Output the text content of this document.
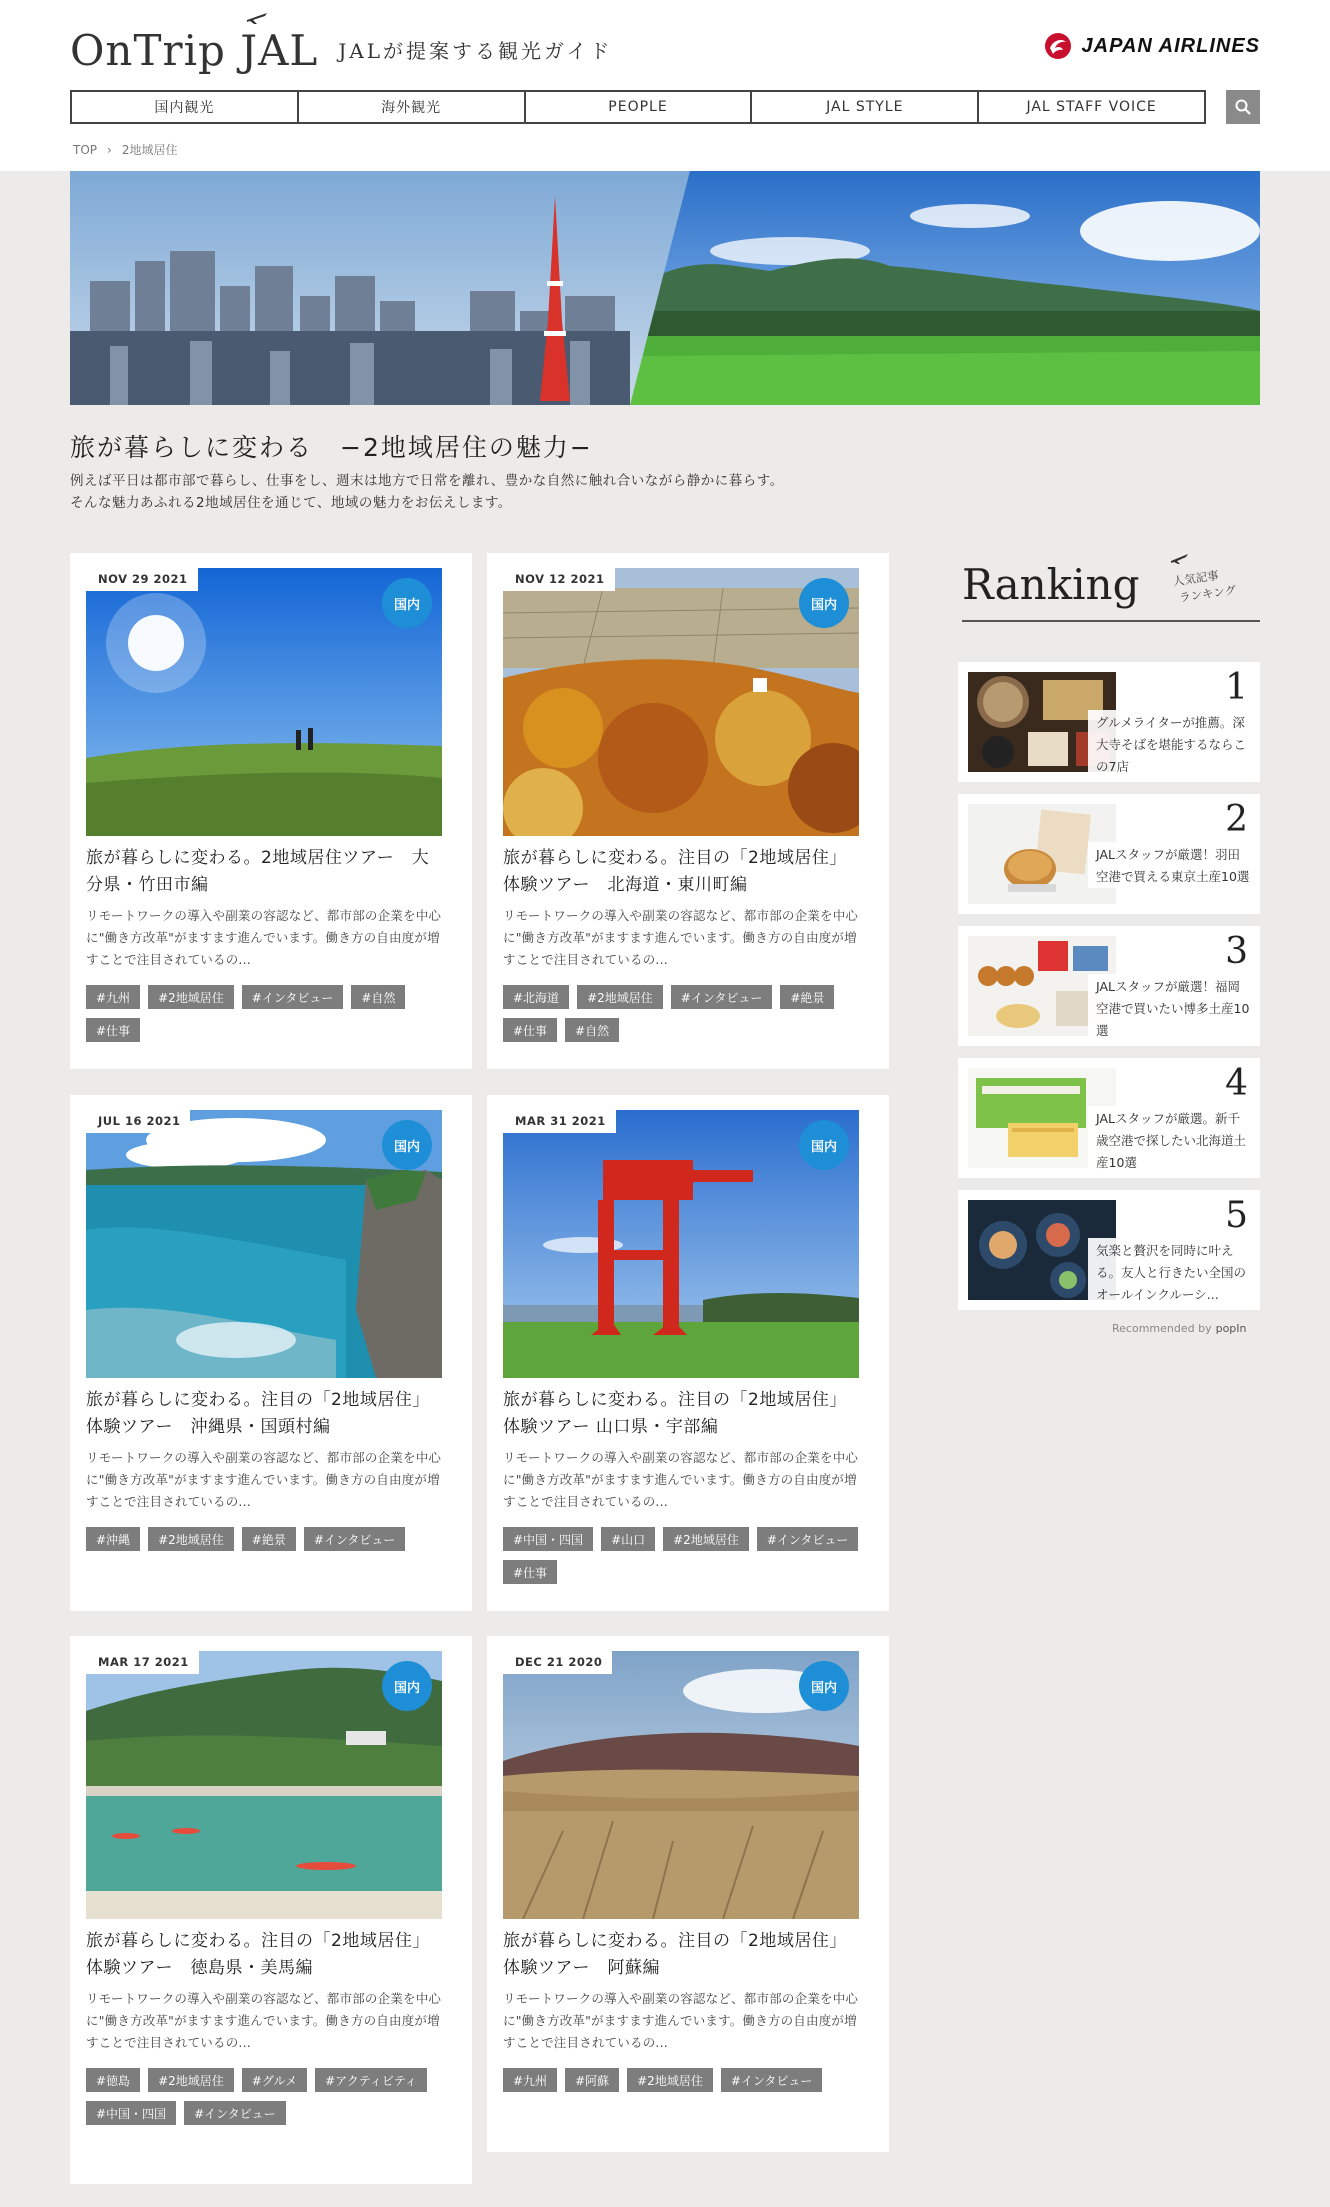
OnTrip JAL JALが提案する観光ガイド	JAPAN AIRLINES
国内観光	海外観光	PEOPLE	JAL STYLE	JAL STAFF VOICE
TOP › 2地域居住
旅が暮らしに変わる　−2地域居住の魅力−
例えば平日は都市部で暮らし、仕事をし、週末は地方で日常を離れ、豊かな自然に触れ合いながら静かに暮らす。
そんな魅力あふれる2地域居住を通じて、地域の魅力をお伝えします。
NOV 29 2021
国内
旅が暮らしに変わる。2地域居住ツアー　大分県・竹田市編
リモートワークの導入や副業の容認など、都市部の企業を中心に"働き方改革"がますます進んでいます。働き方の自由度が増すことで注目されているの...
#九州	#2地域居住	#インタビュー	#自然
#仕事
NOV 12 2021
国内
旅が暮らしに変わる。注目の「2地域居住」体験ツアー　北海道・東川町編
リモートワークの導入や副業の容認など、都市部の企業を中心に"働き方改革"がますます進んでいます。働き方の自由度が増すことで注目されているの...
#北海道	#2地域居住	#インタビュー	#絶景
#仕事	#自然
JUL 16 2021
国内
旅が暮らしに変わる。注目の「2地域居住」体験ツアー　沖縄県・国頭村編
リモートワークの導入や副業の容認など、都市部の企業を中心に"働き方改革"がますます進んでいます。働き方の自由度が増すことで注目されているの...
#沖縄	#2地域居住	#絶景	#インタビュー
MAR 31 2021
国内
旅が暮らしに変わる。注目の「2地域居住」体験ツアー 山口県・宇部編
リモートワークの導入や副業の容認など、都市部の企業を中心に"働き方改革"がますます進んでいます。働き方の自由度が増すことで注目されているの...
#中国・四国	#山口	#2地域居住	#インタビュー
#仕事
MAR 17 2021
国内
旅が暮らしに変わる。注目の「2地域居住」体験ツアー　徳島県・美馬編
リモートワークの導入や副業の容認など、都市部の企業を中心に"働き方改革"がますます進んでいます。働き方の自由度が増すことで注目されているの...
#徳島	#2地域居住	#グルメ	#アクティビティ
#中国・四国	#インタビュー
DEC 21 2020
国内
旅が暮らしに変わる。注目の「2地域居住」体験ツアー　阿蘇編
リモートワークの導入や副業の容認など、都市部の企業を中心に"働き方改革"がますます進んでいます。働き方の自由度が増すことで注目されているの...
#九州	#阿蘇	#2地域居住	#インタビュー
Ranking	人気記事
ランキング
1
グルメライターが推薦。深大寺そばを堪能するならこの7店
2
JALスタッフが厳選！羽田空港で買える東京土産10選
3
JALスタッフが厳選！福岡空港で買いたい博多土産10選
4
JALスタッフが厳選。新千歳空港で探したい北海道土産10選
5
気楽と贅沢を同時に叶える。友人と行きたい全国のオールインクルーシ...
Recommended by popIn
